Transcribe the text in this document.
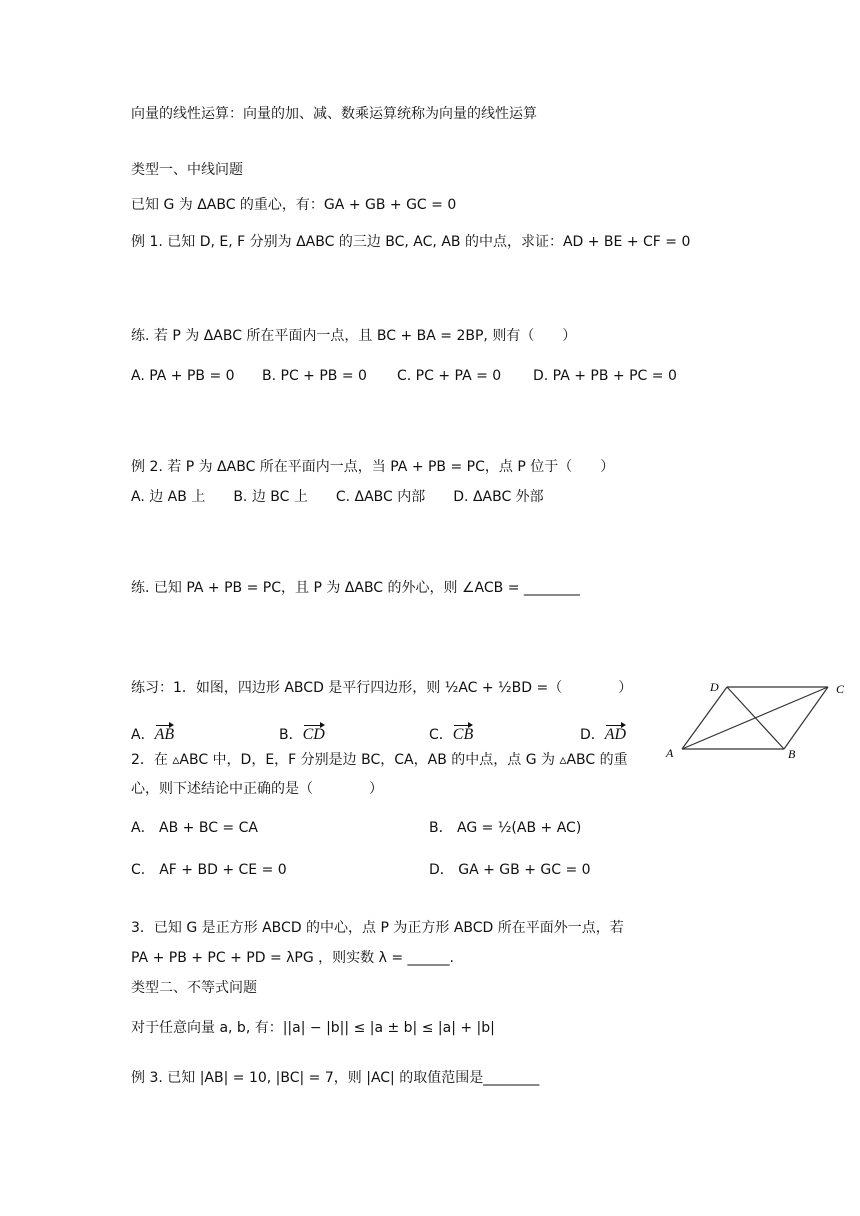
向量的线性运算：向量的加、减、数乘运算统称为向量的线性运算
类型一、中线问题
已知 G 为 ΔABC 的重心，有：GA + GB + GC = 0
例 1. 已知 D, E, F 分别为 ΔABC 的三边 BC, AC, AB 的中点，求证：AD + BE + CF = 0
练. 若 P 为 ΔABC 所在平面内一点，且 BC + BA = 2BP, 则有（　　）
A. PA + PB = 0 B. PC + PB = 0 C. PC + PA = 0 D. PA + PB + PC = 0
例 2. 若 P 为 ΔABC 所在平面内一点，当 PA + PB = PC，点 P 位于（　　）
A. 边 AB 上　　B. 边 BC 上　　C. ΔABC 内部　　D. ΔABC 外部
练. 已知 PA + PB = PC，且 P 为 ΔABC 的外心，则 ∠ACB = ________
练习：1．如图，四边形 ABCD 是平行四边形，则 ½AC + ½BD =（　　　　）
A．AB	B．CD	C．CB	D．AD
D	C
A	B
2．在 ▵ABC 中，D，E，F 分别是边 BC，CA，AB 的中点，点 G 为 ▵ABC 的重
心，则下述结论中正确的是（　　　　）
A． AB + BC = CA	B． AG = ½(AB + AC)
C． AF + BD + CE = 0	D． GA + GB + GC = 0
3．已知 G 是正方形 ABCD 的中心，点 P 为正方形 ABCD 所在平面外一点，若
PA + PB + PC + PD = λPG ，则实数 λ = ______.
类型二、不等式问题
对于任意向量 a, b, 有：||a| − |b|| ≤ |a ± b| ≤ |a| + |b|
例 3. 已知 |AB| = 10, |BC| = 7，则 |AC| 的取值范围是________
